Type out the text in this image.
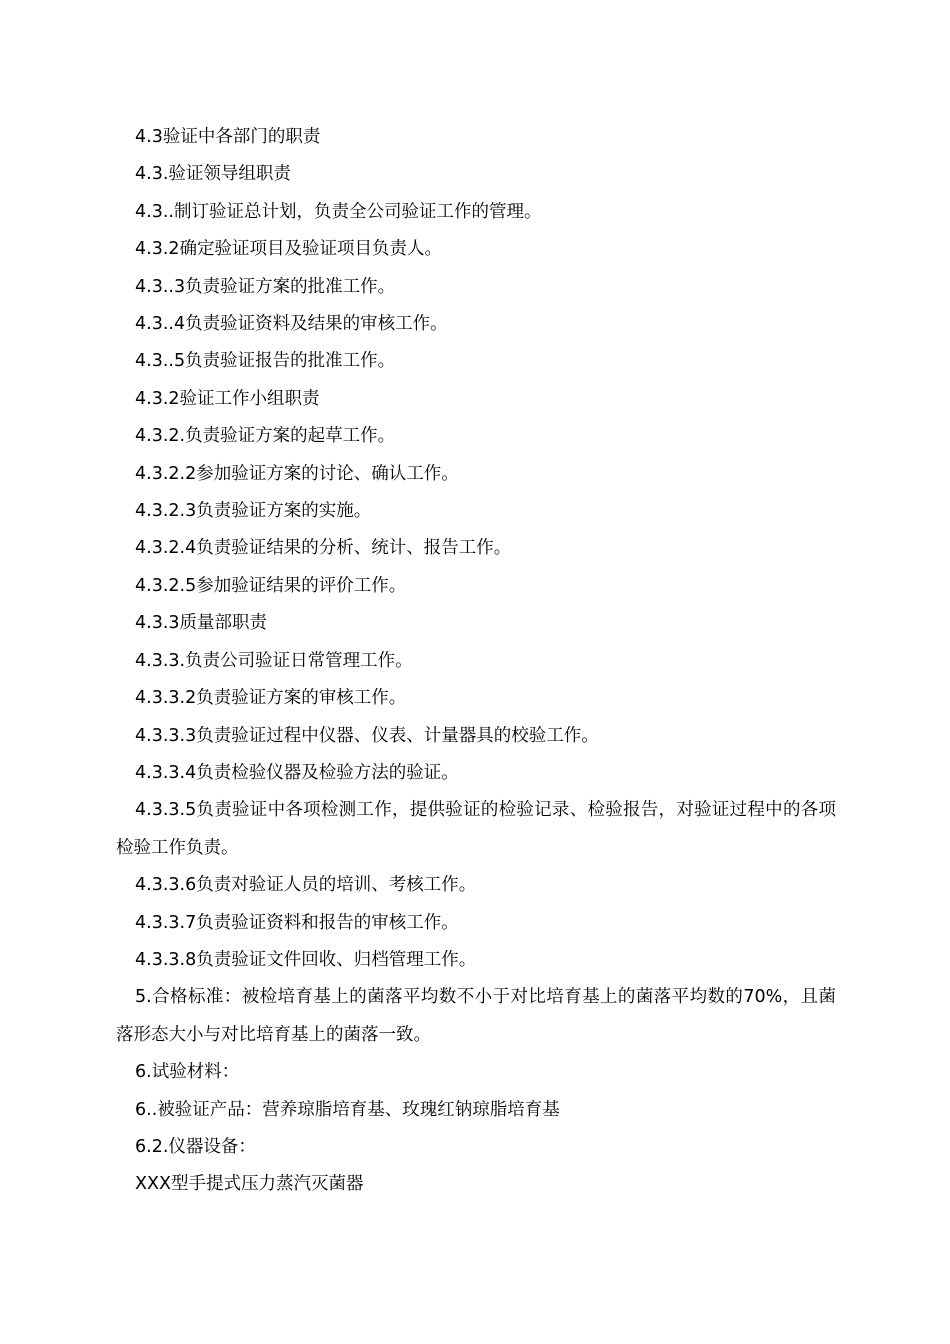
4.3验证中各部门的职责
4.3.验证领导组职责
4.3..制订验证总计划，负责全公司验证工作的管理。
4.3.2确定验证项目及验证项目负责人。
4.3..3负责验证方案的批准工作。
4.3..4负责验证资料及结果的审核工作。
4.3..5负责验证报告的批准工作。
4.3.2验证工作小组职责
4.3.2.负责验证方案的起草工作。
4.3.2.2参加验证方案的讨论、确认工作。
4.3.2.3负责验证方案的实施。
4.3.2.4负责验证结果的分析、统计、报告工作。
4.3.2.5参加验证结果的评价工作。
4.3.3质量部职责
4.3.3.负责公司验证日常管理工作。
4.3.3.2负责验证方案的审核工作。
4.3.3.3负责验证过程中仪器、仪表、计量器具的校验工作。
4.3.3.4负责检验仪器及检验方法的验证。
4.3.3.5负责验证中各项检测工作，提供验证的检验记录、检验报告，对验证过程中的各项检验工作负责。
4.3.3.6负责对验证人员的培训、考核工作。
4.3.3.7负责验证资料和报告的审核工作。
4.3.3.8负责验证文件回收、归档管理工作。
5.合格标准：被检培育基上的菌落平均数不小于对比培育基上的菌落平均数的70%，且菌落形态大小与对比培育基上的菌落一致。
6.试验材料：
6..被验证产品：营养琼脂培育基、玫瑰红钠琼脂培育基
6.2.仪器设备：
XXX型手提式压力蒸汽灭菌器
